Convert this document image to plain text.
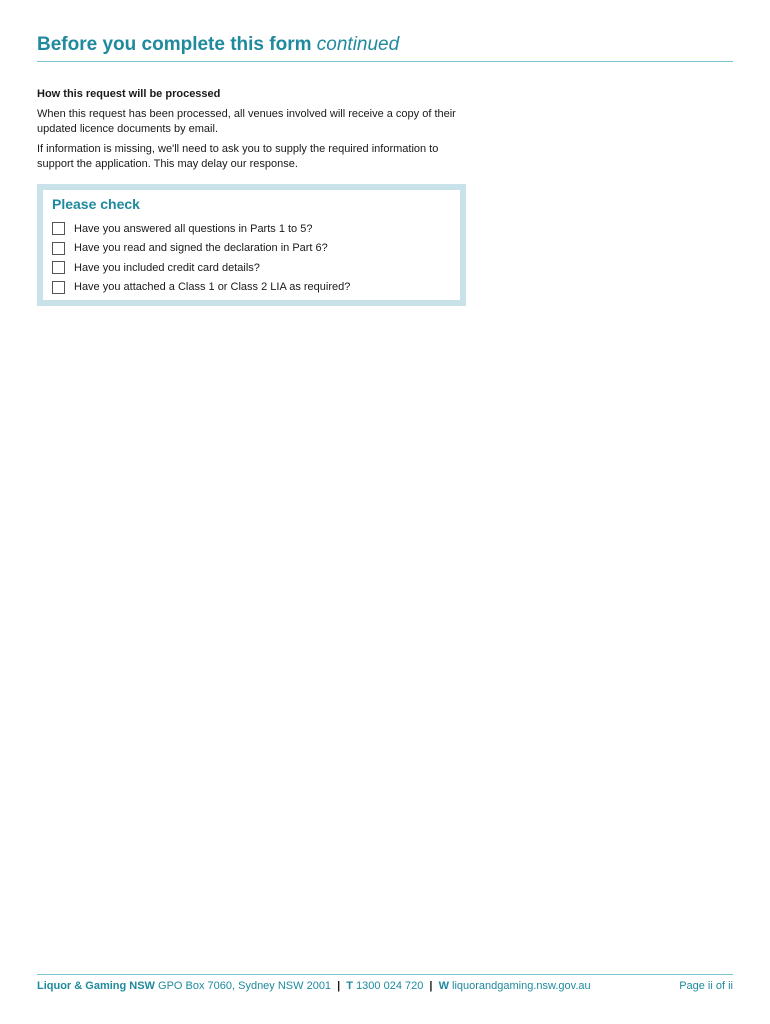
Before you complete this form continued
How this request will be processed

When this request has been processed, all venues involved will receive a copy of their updated licence documents by email.

If information is missing, we'll need to ask you to supply the required information to support the application. This may delay our response.

Please check
Have you answered all questions in Parts 1 to 5?
Have you read and signed the declaration in Part 6?
Have you included credit card details?
Have you attached a Class 1 or Class 2 LIA as required?
Liquor & Gaming NSW GPO Box 7060, Sydney NSW 2001 | T 1300 024 720 | W liquorandgaming.nsw.gov.au	Page ii of ii
